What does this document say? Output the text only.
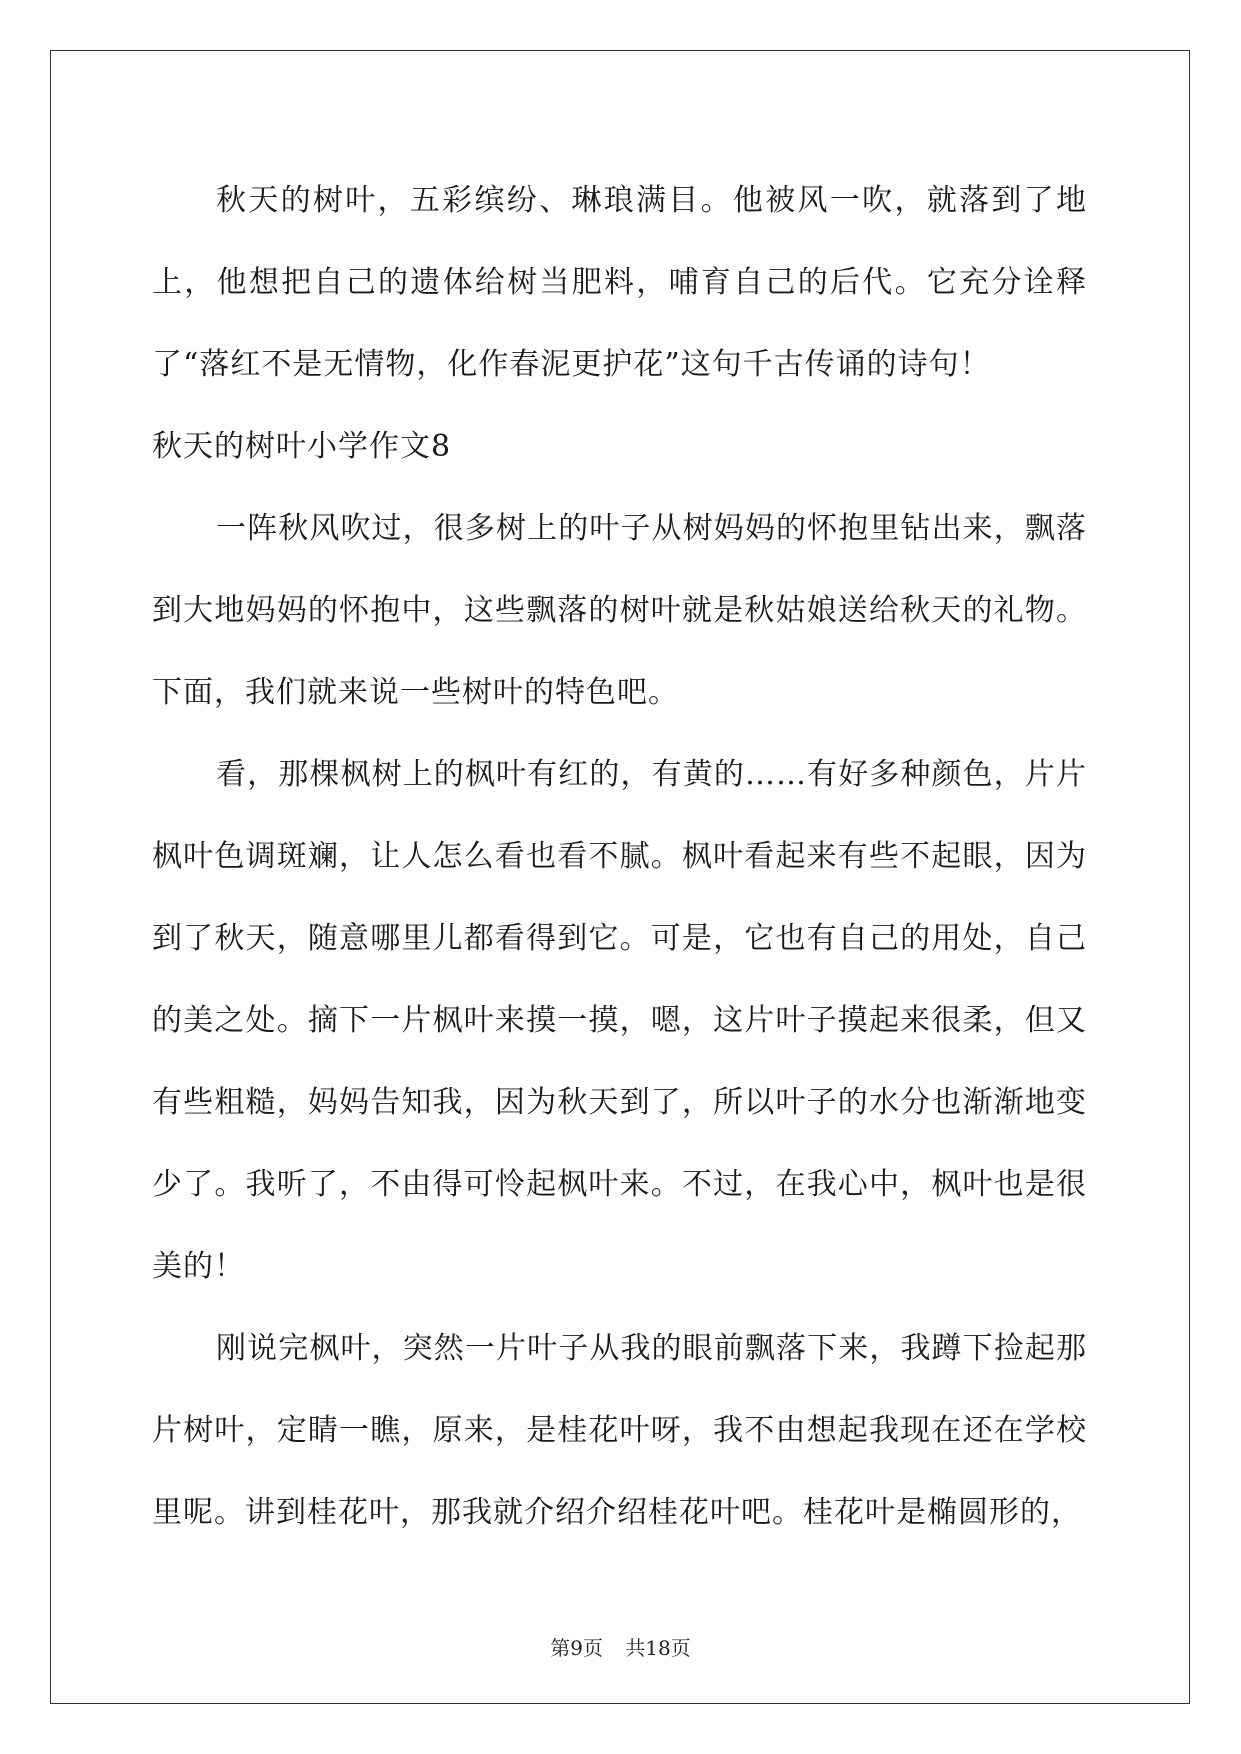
秋天的树叶，五彩缤纷、琳琅满目。他被风一吹，就落到了地上，他想把自己的遗体给树当肥料，哺育自己的后代。它充分诠释了“落红不是无情物，化作春泥更护花”这句千古传诵的诗句！

秋天的树叶小学作文8

一阵秋风吹过，很多树上的叶子从树妈妈的怀抱里钻出来，飘落到大地妈妈的怀抱中，这些飘落的树叶就是秋姑娘送给秋天的礼物。下面，我们就来说一些树叶的特色吧。

看，那棵枫树上的枫叶有红的，有黄的……有好多种颜色，片片枫叶色调斑斓，让人怎么看也看不腻。枫叶看起来有些不起眼，因为到了秋天，随意哪里儿都看得到它。可是，它也有自己的用处，自己的美之处。摘下一片枫叶来摸一摸，嗯，这片叶子摸起来很柔，但又有些粗糙，妈妈告知我，因为秋天到了，所以叶子的水分也渐渐地变少了。我听了，不由得可怜起枫叶来。不过，在我心中，枫叶也是很美的！

刚说完枫叶，突然一片叶子从我的眼前飘落下来，我蹲下捡起那片树叶，定睛一瞧，原来，是桂花叶呀，我不由想起我现在还在学校里呢。讲到桂花叶，那我就介绍介绍桂花叶吧。桂花叶是椭圆形的，

第9页 共18页
